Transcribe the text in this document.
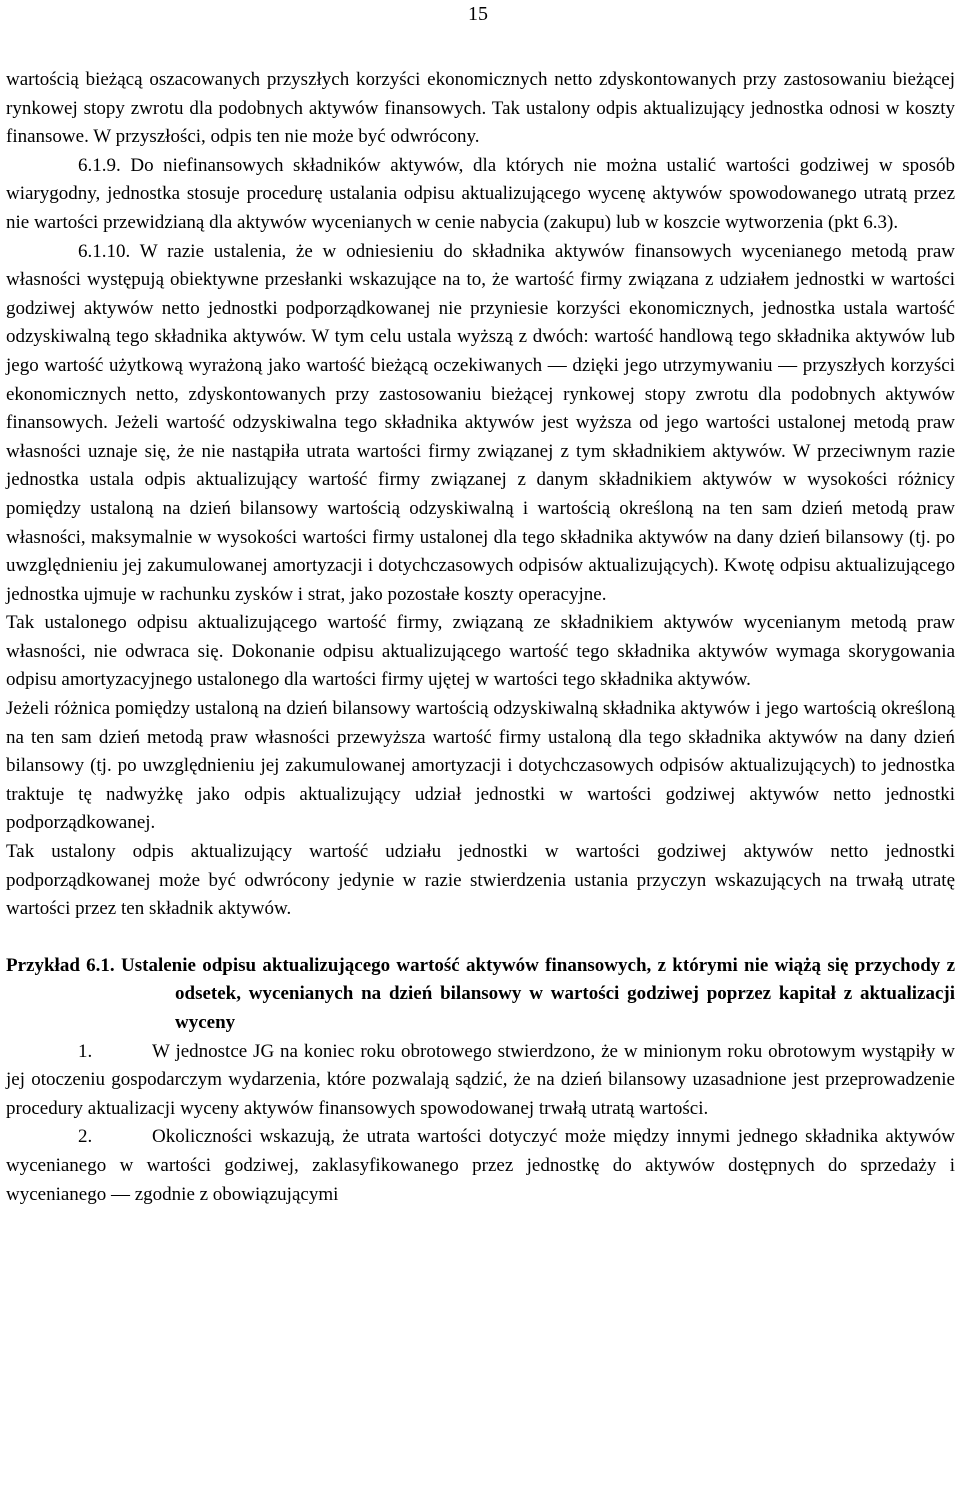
15

wartością bieżącą oszacowanych przyszłych korzyści ekonomicznych netto zdyskontowanych przy zastosowaniu bieżącej rynkowej stopy zwrotu dla podobnych aktywów finansowych. Tak ustalony odpis aktualizujący jednostka odnosi w koszty finansowe. W przyszłości, odpis ten nie może być odwrócony.

6.1.9. Do niefinansowych składników aktywów, dla których nie można ustalić wartości godziwej w sposób wiarygodny, jednostka stosuje procedurę ustalania odpisu aktualizującego wycenę aktywów spowodowanego utratą przez nie wartości przewidzianą dla aktywów wycenianych w cenie nabycia (zakupu) lub w koszcie wytworzenia (pkt 6.3).

6.1.10. W razie ustalenia, że w odniesieniu do składnika aktywów finansowych wycenianego metodą praw własności występują obiektywne przesłanki wskazujące na to, że wartość firmy związana z udziałem jednostki w wartości godziwej aktywów netto jednostki podporządkowanej nie przyniesie korzyści ekonomicznych, jednostka ustala wartość odzyskiwalną tego składnika aktywów. W tym celu ustala wyższą z dwóch: wartość handlową tego składnika aktywów lub jego wartość użytkową wyrażoną jako wartość bieżącą oczekiwanych — dzięki jego utrzymywaniu — przyszłych korzyści ekonomicznych netto, zdyskontowanych przy zastosowaniu bieżącej rynkowej stopy zwrotu dla podobnych aktywów finansowych. Jeżeli wartość odzyskiwalna tego składnika aktywów jest wyższa od jego wartości ustalonej metodą praw własności uznaje się, że nie nastąpiła utrata wartości firmy związanej z tym składnikiem aktywów. W przeciwnym razie jednostka ustala odpis aktualizujący wartość firmy związanej z danym składnikiem aktywów w wysokości różnicy pomiędzy ustaloną na dzień bilansowy wartością odzyskiwalną i wartością określoną na ten sam dzień metodą praw własności, maksymalnie w wysokości wartości firmy ustalonej dla tego składnika aktywów na dany dzień bilansowy (tj. po uwzględnieniu jej zakumulowanej amortyzacji i dotychczasowych odpisów aktualizujących). Kwotę odpisu aktualizującego jednostka ujmuje w rachunku zysków i strat, jako pozostałe koszty operacyjne.

Tak ustalonego odpisu aktualizującego wartość firmy, związaną ze składnikiem aktywów wycenianym metodą praw własności, nie odwraca się. Dokonanie odpisu aktualizującego wartość tego składnika aktywów wymaga skorygowania odpisu amortyzacyjnego ustalonego dla wartości firmy ujętej w wartości tego składnika aktywów.

Jeżeli różnica pomiędzy ustaloną na dzień bilansowy wartością odzyskiwalną składnika aktywów i jego wartością określoną na ten sam dzień metodą praw własności przewyższa wartość firmy ustaloną dla tego składnika aktywów na dany dzień bilansowy (tj. po uwzględnieniu jej zakumulowanej amortyzacji i dotychczasowych odpisów aktualizujących) to jednostka traktuje tę nadwyżkę jako odpis aktualizujący udział jednostki w wartości godziwej aktywów netto jednostki podporządkowanej.

Tak ustalony odpis aktualizujący wartość udziału jednostki w wartości godziwej aktywów netto jednostki podporządkowanej może być odwrócony jedynie w razie stwierdzenia ustania przyczyn wskazujących na trwałą utratę wartości przez ten składnik aktywów.

Przykład 6.1. Ustalenie odpisu aktualizującego wartość aktywów finansowych, z którymi nie wiążą się przychody z odsetek, wycenianych na dzień bilansowy w wartości godziwej poprzez kapitał z aktualizacji wyceny

1.	W jednostce JG na koniec roku obrotowego stwierdzono, że w minionym roku obrotowym wystąpiły w jej otoczeniu gospodarczym wydarzenia, które pozwalają sądzić, że na dzień bilansowy uzasadnione jest przeprowadzenie procedury aktualizacji wyceny aktywów finansowych spowodowanej trwałą utratą wartości.

2.	Okoliczności wskazują, że utrata wartości dotyczyć może między innymi jednego składnika aktywów wycenianego w wartości godziwej, zaklasyfikowanego przez jednostkę do aktywów dostępnych do sprzedaży i wycenianego — zgodnie z obowiązującymi
